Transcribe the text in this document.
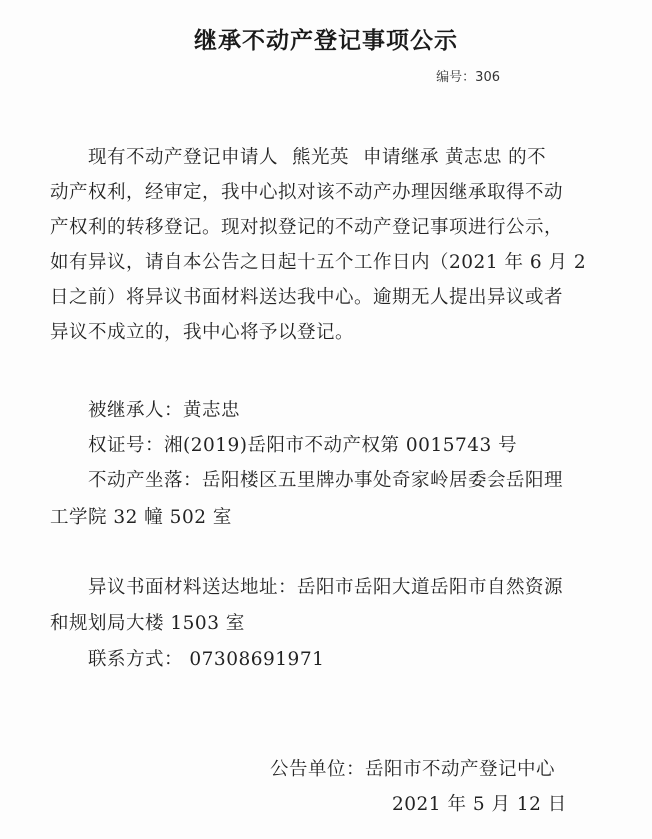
继承不动产登记事项公示
编号：306
现有不动产登记申请人 熊光英 申请继承 黄志忠 的不
动产权利，经审定，我中心拟对该不动产办理因继承取得不动
产权利的转移登记。现对拟登记的不动产登记事项进行公示，
如有异议，请自本公告之日起十五个工作日内（2021 年 6 月 2
日之前）将异议书面材料送达我中心。逾期无人提出异议或者
异议不成立的，我中心将予以登记。
被继承人：黄志忠
权证号：湘(2019)岳阳市不动产权第 0015743 号
不动产坐落：岳阳楼区五里牌办事处奇家岭居委会岳阳理
工学院 32 幢 502 室
异议书面材料送达地址：岳阳市岳阳大道岳阳市自然资源
和规划局大楼 1503 室
联系方式： 07308691971
公告单位：岳阳市不动产登记中心
2021 年 5 月 12 日
